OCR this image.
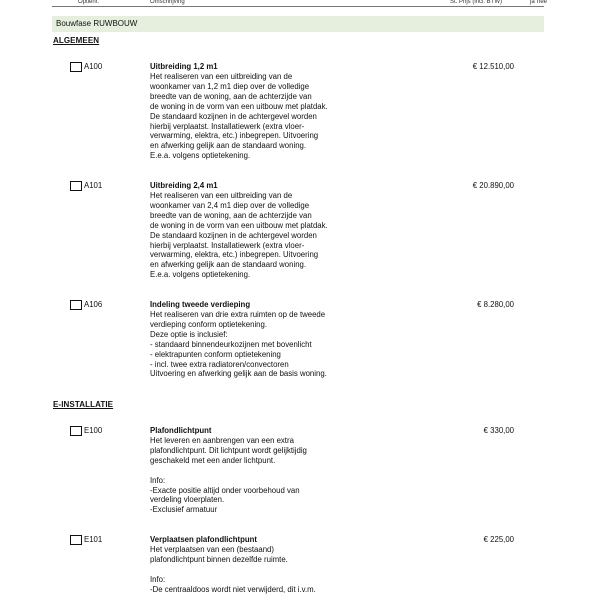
Optienr.	Omschrijving	St. Prijs (incl. BTW)	ja nee
Bouwfase RUWBOUW
ALGEMEEN
A100	Uitbreiding 1,2 m1
Het realiseren van een uitbreiding van de
woonkamer van 1,2 m1 diep over de volledige
breedte van de woning, aan de achterzijde van
de woning in de vorm van een uitbouw met platdak.
De standaard kozijnen in de achtergevel worden
hierbij verplaatst. Installatiewerk (extra vloer-
verwarming, elektra, etc.) inbegrepen. Uitvoering
en afwerking gelijk aan de standaard woning.
E.e.a. volgens optietekening.
€ 12.510,00
A101	Uitbreiding 2,4 m1
Het realiseren van een uitbreiding van de
woonkamer van 2,4 m1 diep over de volledige
breedte van de woning, aan de achterzijde van
de woning in de vorm van een uitbouw met platdak.
De standaard kozijnen in de achtergevel worden
hierbij verplaatst. Installatiewerk (extra vloer-
verwarming, elektra, etc.) inbegrepen. Uitvoering
en afwerking gelijk aan de standaard woning.
E.e.a. volgens optietekening.
€ 20.890,00
A106	Indeling tweede verdieping
Het realiseren van drie extra ruimten op de tweede
verdieping conform optietekening.
Deze optie is inclusief:
- standaard binnendeurkozijnen met bovenlicht
- elektrapunten conform optietekening
- incl. twee extra radiatoren/convectoren
Uitvoering en afwerking gelijk aan de basis woning.
€ 8.280,00
E-INSTALLATIE
E100	Plafondlichtpunt
Het leveren en aanbrengen van een extra
plafondlichtpunt. Dit lichtpunt wordt gelijktijdig
geschakeld met een ander lichtpunt.

Info:
-Exacte positie altijd onder voorbehoud van
verdeling vloerplaten.
-Exclusief armatuur
€ 330,00
E101	Verplaatsen plafondlichtpunt
Het verplaatsen van een (bestaand)
plafondlichtpunt binnen dezelfde ruimte.

Info:
-De centraaldoos wordt niet verwijderd, dit i.v.m.
€ 225,00
